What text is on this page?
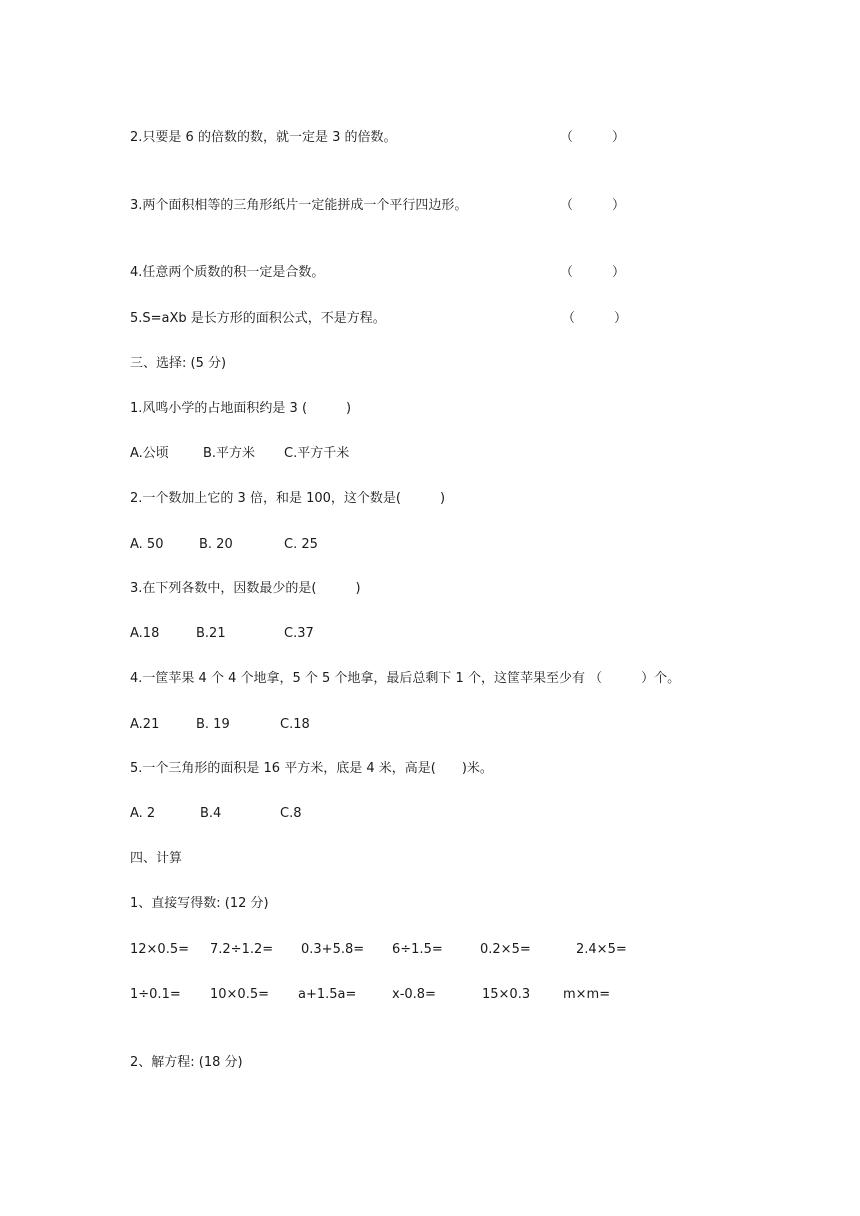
2.只要是 6 的倍数的数，就一定是 3 的倍数。	（　　　）
3.两个面积相等的三角形纸片一定能拼成一个平行四边形。	（　　　）
4.任意两个质数的积一定是合数。	（　　　）
5.S=aXb 是长方形的面积公式，不是方程。	（　　　）
三、选择: (5 分)
1.风鸣小学的占地面积约是 3 (　　　)
A.公顷	B.平方米 C.平方千米
2.一个数加上它的 3 倍，和是 100，这个数是(　　　)
A. 50	B. 20	C. 25
3.在下列各数中，因数最少的是(　　　)
A.18	B.21	C.37
4.一筐苹果 4 个 4 个地拿，5 个 5 个地拿，最后总剩下 1 个，这筐苹果至少有 （　　　）个。
A.21	B. 19	C.18
5.一个三角形的面积是 16 平方米，底是 4 米，高是(　　)米。
A. 2	B.4	C.8
四、计算
1、直接写得数: (12 分)
12×0.5= 7.2÷1.2= 0.3+5.8= 6÷1.5=	0.2×5=	2.4×5=
1÷0.1= 10×0.5= a+1.5a=	x-0.8=	15×0.3	m×m=
2、解方程: (18 分)
